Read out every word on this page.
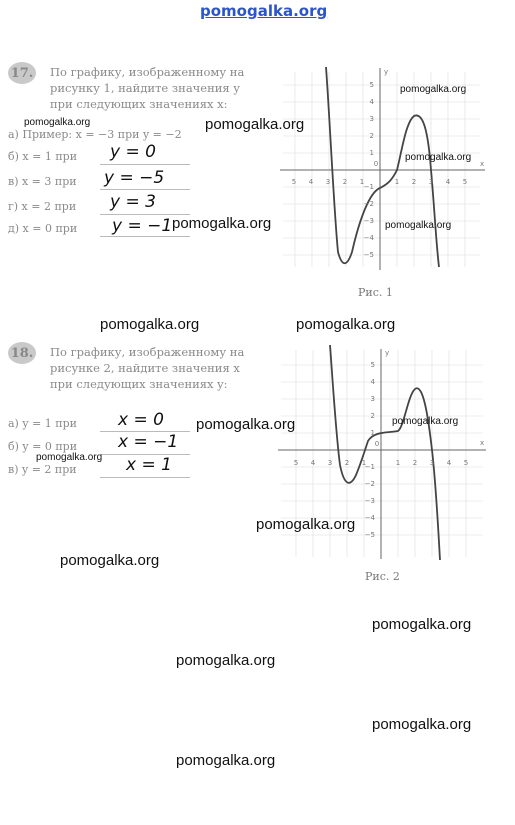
pomogalka.org
17. По графику, изображенному на
рисунку 1, найдите значения y
при следующих значениях x:
а) Пример: x = −3 при y = −2
б) x = 1 при y = 0
в) x = 3 при y = −5
г) x = 2 при y = 3
д) x = 0 при y = −1
5 4 3 2 1
0
1 2 3 4 5
5
4
3
2
1
−1
−2
−3
−4
−5
x
y
Рис. 1
18. По графику, изображенному на
рисунке 2, найдите значения x
при следующих значениях y:
а) y = 1 при x = 0
б) y = 0 при x = −1
в) y = 2 при	x = 1	5 4 3 2 1
0
1 2 3 4 5
5
4
3
2
1
−1
−2
−3
−4
−5
x
y
Рис. 2
pomogalka.org
pomogalka.org	pomogalka.org
pomogalka.org
pomogalka.org	pomogalka.org
pomogalka.org	pomogalka.org
pomogalka.org	pomogalka.org
pomogalka.org
pomogalka.org
pomogalka.org
pomogalka.org
pomogalka.org
pomogalka.org
pomogalka.org
